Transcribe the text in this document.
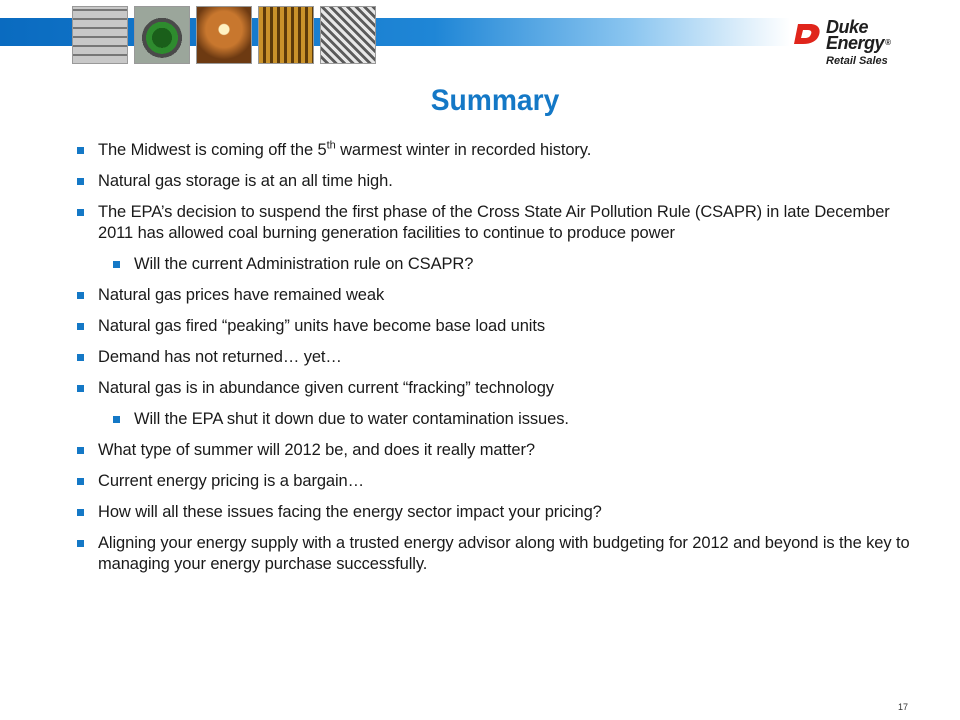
Duke
Energy®
Retail Sales
Summary
The Midwest is coming off the 5th warmest winter in recorded history.
Natural gas storage is at an all time high.
The EPA’s decision to suspend the first phase of the Cross State Air Pollution Rule (CSAPR) in late December 2011 has allowed coal burning generation facilities to continue to produce power
Will the current Administration rule on CSAPR?
Natural gas prices have remained weak
Natural gas fired “peaking” units have become base load units
Demand has not returned… yet…
Natural gas is in abundance given current “fracking” technology
Will the EPA shut it down due to water contamination issues.
What type of summer will 2012 be, and does it really matter?
Current energy pricing is a bargain…
How will all these issues facing the energy sector impact your pricing?
Aligning your energy supply with a trusted energy advisor along with budgeting for 2012 and beyond is the key to managing your energy purchase successfully.
17
